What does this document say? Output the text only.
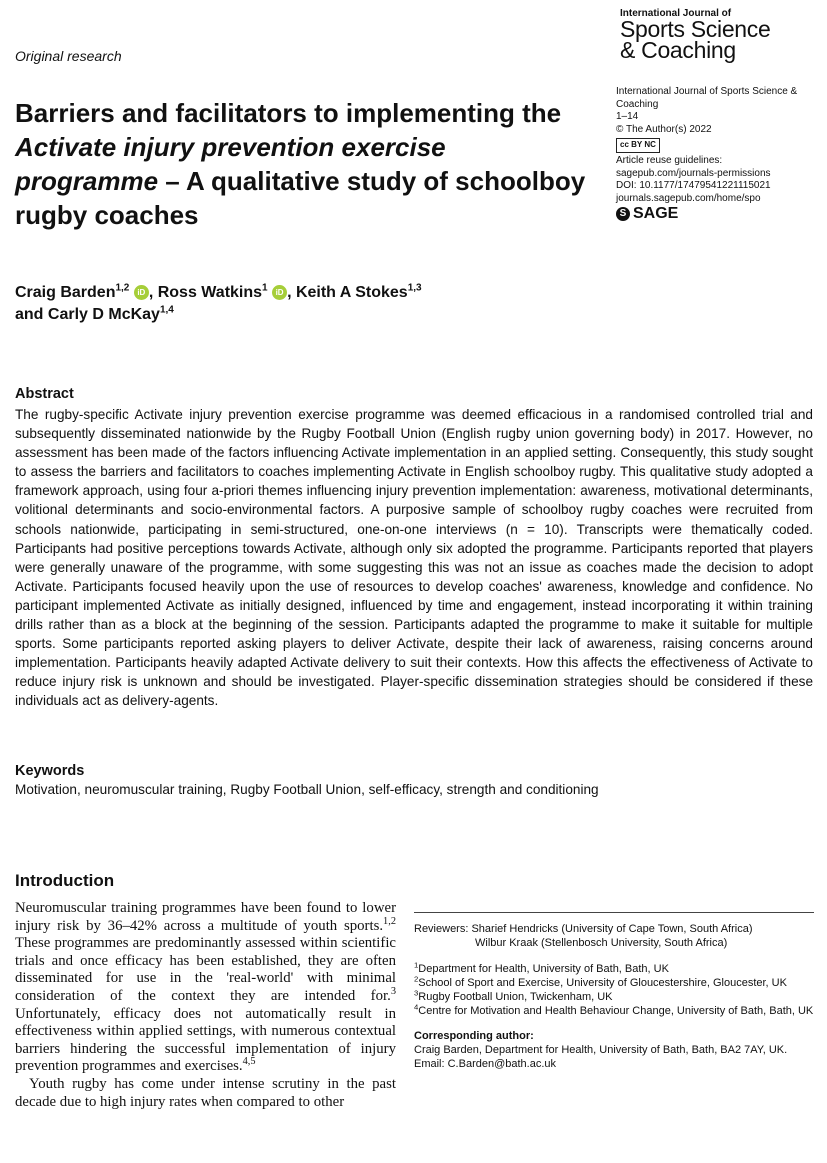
Original research
International Journal of
Sports Science
& Coaching
International Journal of Sports Science & Coaching
1–14
© The Author(s) 2022
cc BY NC
Article reuse guidelines:
sagepub.com/journals-permissions
DOI: 10.1177/17479541221115021
journals.sagepub.com/home/spo
S SAGE
Barriers and facilitators to implementing the Activate injury prevention exercise programme – A qualitative study of schoolboy rugby coaches
Craig Barden$^{1,2}$ iD , Ross Watkins$^1$ iD , Keith A Stokes$^{1,3}$
and Carly D McKay$^{1,4}$
Abstract
The rugby-specific Activate injury prevention exercise programme was deemed efficacious in a randomised controlled trial and subsequently disseminated nationwide by the Rugby Football Union (English rugby union governing body) in 2017. However, no assessment has been made of the factors influencing Activate implementation in an applied setting. Consequently, this study sought to assess the barriers and facilitators to coaches implementing Activate in English schoolboy rugby. This qualitative study adopted a framework approach, using four a-priori themes influencing injury prevention implementation: awareness, motivational determinants, volitional determinants and socio-environmental factors. A purposive sample of schoolboy rugby coaches were recruited from schools nationwide, participating in semi-structured, one-on-one interviews (n = 10). Transcripts were thematically coded. Participants had positive perceptions towards Activate, although only six adopted the programme. Participants reported that players were generally unaware of the programme, with some suggesting this was not an issue as coaches made the decision to adopt Activate. Participants focused heavily upon the use of resources to develop coaches' awareness, knowledge and confidence. No participant implemented Activate as initially designed, influenced by time and engagement, instead incorporating it within training drills rather than as a block at the beginning of the session. Participants adapted the programme to make it suitable for multiple sports. Some participants reported asking players to deliver Activate, despite their lack of awareness, raising concerns around implementation. Participants heavily adapted Activate delivery to suit their contexts. How this affects the effectiveness of Activate to reduce injury risk is unknown and should be investigated. Player-specific dissemination strategies should be considered if these individuals act as delivery-agents.
Keywords
Motivation, neuromuscular training, Rugby Football Union, self-efficacy, strength and conditioning
Introduction

Neuromuscular training programmes have been found to lower injury risk by 36–42% across a multitude of youth sports.$^{1,2}$ These programmes are predominantly assessed within scientific trials and once efficacy has been established, they are often disseminated for use in the 'real-world' with minimal consideration of the context they are intended for.$^3$ Unfortunately, efficacy does not automatically result in effectiveness within applied settings, with numerous contextual barriers hindering the successful implementation of injury prevention programmes and exercises.$^{4,5}$

Youth rugby has come under intense scrutiny in the past decade due to high injury rates when compared to other

Reviewers: Sharief Hendricks (University of Cape Town, South Africa)
Wilbur Kraak (Stellenbosch University, South Africa)
$^1$Department for Health, University of Bath, Bath, UK
$^2$School of Sport and Exercise, University of Gloucestershire, Gloucester, UK
$^3$Rugby Football Union, Twickenham, UK
$^4$Centre for Motivation and Health Behaviour Change, University of Bath, Bath, UK
Corresponding author:
Craig Barden, Department for Health, University of Bath, Bath, BA2 7AY, UK.
Email: C.Barden@bath.ac.uk
